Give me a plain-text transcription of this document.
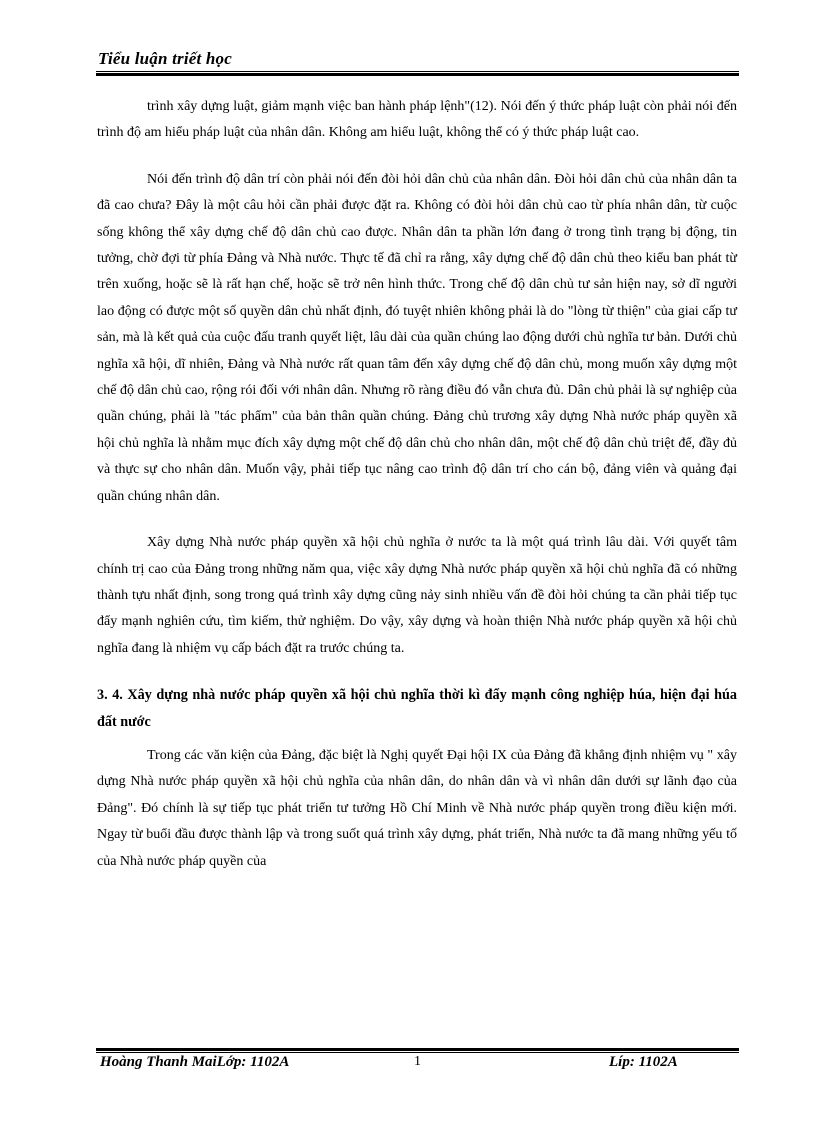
Tiểu luận triết học

trình xây dựng luật, giảm mạnh việc ban hành pháp lệnh"(12). Nói đến ý thức pháp luật còn phải nói đến trình độ am hiểu pháp luật của nhân dân. Không am hiểu luật, không thể có ý thức pháp luật cao.

Nói đến trình độ dân trí còn phải nói đến đòi hỏi dân chủ của nhân dân. Đòi hỏi dân chủ của nhân dân ta đã cao chưa? Đây là một câu hỏi cần phải được đặt ra. Không có đòi hỏi dân chủ cao từ phía nhân dân, từ cuộc sống không thể xây dựng chế độ dân chủ cao được. Nhân dân ta phần lớn đang ở trong tình trạng bị động, tin tưởng, chờ đợi từ phía Đảng và Nhà nước. Thực tế đã chỉ ra rằng, xây dựng chế độ dân chủ theo kiểu ban phát từ trên xuống, hoặc sẽ là rất hạn chế, hoặc sẽ trở nên hình thức. Trong chế độ dân chủ tư sản hiện nay, sở dĩ người lao động có được một số quyền dân chủ nhất định, đó tuyệt nhiên không phải là do "lòng từ thiện" của giai cấp tư sản, mà là kết quả của cuộc đấu tranh quyết liệt, lâu dài của quần chúng lao động dưới chủ nghĩa tư bản. Dưới chủ nghĩa xã hội, dĩ nhiên, Đảng và Nhà nước rất quan tâm đến xây dựng chế độ dân chủ, mong muốn xây dựng một chế độ dân chủ cao, rộng rói đối với nhân dân. Nhưng rõ ràng điều đó vẫn chưa đủ. Dân chủ phải là sự nghiệp của quần chúng, phải là "tác phẩm" của bản thân quần chúng. Đảng chủ trương xây dựng Nhà nước pháp quyền xã hội chủ nghĩa là nhằm mục đích xây dựng một chế độ dân chủ cho nhân dân, một chế độ dân chủ triệt để, đầy đủ và thực sự cho nhân dân. Muốn vậy, phải tiếp tục nâng cao trình độ dân trí cho cán bộ, đảng viên và quảng đại quần chúng nhân dân.

Xây dựng Nhà nước pháp quyền xã hội chủ nghĩa ở nước ta là một quá trình lâu dài. Với quyết tâm chính trị cao của Đảng trong những năm qua, việc xây dựng Nhà nước pháp quyền xã hội chủ nghĩa đã có những thành tựu nhất định, song trong quá trình xây dựng cũng nảy sinh nhiều vấn đề đòi hỏi chúng ta cần phải tiếp tục đẩy mạnh nghiên cứu, tìm kiếm, thử nghiệm. Do vậy, xây dựng và hoàn thiện Nhà nước pháp quyền xã hội chủ nghĩa đang là nhiệm vụ cấp bách đặt ra trước chúng ta.

3. 4. Xây dựng nhà nước pháp quyền xã hội chủ nghĩa thời kì đẩy mạnh công nghiệp húa, hiện đại húa đất nước

Trong các văn kiện của Đảng, đặc biệt là Nghị quyết Đại hội IX của Đảng đã khẳng định nhiệm vụ " xây dựng Nhà nước pháp quyền xã hội chủ nghĩa của nhân dân, do nhân dân và vì nhân dân dưới sự lãnh đạo của Đảng". Đó chính là sự tiếp tục phát triển tư tưởng Hồ Chí Minh về Nhà nước pháp quyền trong điều kiện mới. Ngay từ buổi đầu được thành lập và trong suốt quá trình xây dựng, phát triển, Nhà nước ta đã mang những yếu tố của Nhà nước pháp quyền của

Hoàng Thanh MaiLớp: 1102A	1	Líp: 1102A
